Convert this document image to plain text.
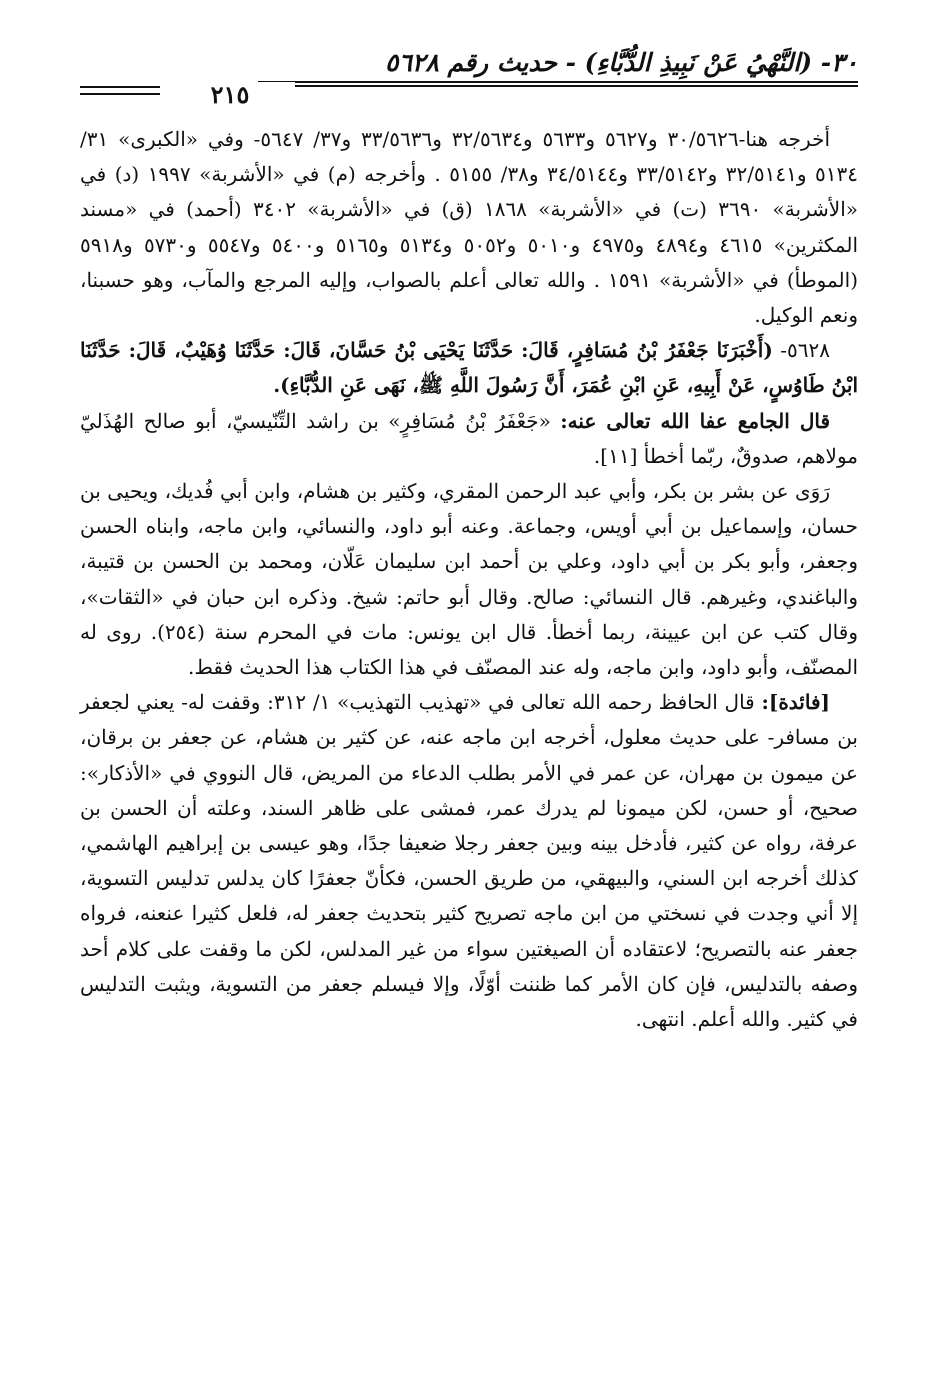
٣٠- (النَّهْيُ عَنْ نَبِيذِ الدُّبَّاءِ) - حديث رقم ٥٦٢٨
٢١٥

أخرجه هنا-٣٠/٥٦٢٦ و٥٦٢٧ و٥٦٣٣ و٣٢/٥٦٣٤ و٣٣/٥٦٣٦ و٣٧/ ٥٦٤٧- وفي «الكبرى» ٣١/ ٥١٣٤ و٣٢/٥١٤١ و٣٣/٥١٤٢ و٣٤/٥١٤٤ و٣٨/ ٥١٥٥ . وأخرجه (م) في «الأشربة» ١٩٩٧ (د) في «الأشربة» ٣٦٩٠ (ت) في «الأشربة» ١٨٦٨ (ق) في «الأشربة» ٣٤٠٢ (أحمد) في «مسند المكثرين» ٤٦١٥ و٤٨٩٤ و٤٩٧٥ و٥٠١٠ و٥٠٥٢ و٥١٣٤ و٥١٦٥ و٥٤٠٠ و٥٥٤٧ و٥٧٣٠ و٥٩١٨ (الموطأ) في «الأشربة» ١٥٩١ . والله تعالى أعلم بالصواب، وإليه المرجع والمآب، وهو حسبنا، ونعم الوكيل.

٥٦٢٨- (أَخْبَرَنَا جَعْفَرُ بْنُ مُسَافِرٍ، قَالَ: حَدَّثَنَا يَحْيَى بْنُ حَسَّانَ، قَالَ: حَدَّثَنَا وُهَيْبٌ، قَالَ: حَدَّثَنَا ابْنُ طَاوُسٍ، عَنْ أَبِيهِ، عَنِ ابْنِ عُمَرَ، أَنَّ رَسُولَ اللَّهِ ﷺ، نَهَى عَنِ الدُّبَّاءِ).

قال الجامع عفا الله تعالى عنه: «جَعْفَرُ بْنُ مُسَافِرٍ» بن راشد التِّنّيسيّ، أبو صالح الهُذَليّ مولاهم، صدوقٌ، ربّما أخطأ [١١].

رَوَى عن بشر بن بكر، وأبي عبد الرحمن المقري، وكثير بن هشام، وابن أبي فُديك، ويحيى بن حسان، وإسماعيل بن أبي أويس، وجماعة. وعنه أبو داود، والنسائي، وابن ماجه، وابناه الحسن وجعفر، وأبو بكر بن أبي داود، وعلي بن أحمد ابن سليمان عَلّان، ومحمد بن الحسن بن قتيبة، والباغندي، وغيرهم. قال النسائي: صالح. وقال أبو حاتم: شيخ. وذكره ابن حبان في «الثقات»، وقال كتب عن ابن عيينة، ربما أخطأ. قال ابن يونس: مات في المحرم سنة (٢٥٤). روى له المصنّف، وأبو داود، وابن ماجه، وله عند المصنّف في هذا الكتاب هذا الحديث فقط.

[فائدة]: قال الحافظ رحمه الله تعالى في «تهذيب التهذيب» ١/ ٣١٢: وقفت له- يعني لجعفر بن مسافر- على حديث معلول، أخرجه ابن ماجه عنه، عن كثير بن هشام، عن جعفر بن برقان، عن ميمون بن مهران، عن عمر في الأمر بطلب الدعاء من المريض، قال النووي في «الأذكار»: صحيح، أو حسن، لكن ميمونا لم يدرك عمر، فمشى على ظاهر السند، وعلته أن الحسن بن عرفة، رواه عن كثير، فأدخل بينه وبين جعفر رجلا ضعيفا جدًا، وهو عيسى بن إبراهيم الهاشمي، كذلك أخرجه ابن السني، والبيهقي، من طريق الحسن، فكأنّ جعفرًا كان يدلس تدليس التسوية، إلا أني وجدت في نسختي من ابن ماجه تصريح كثير بتحديث جعفر له، فلعل كثيرا عنعنه، فرواه جعفر عنه بالتصريح؛ لاعتقاده أن الصيغتين سواء من غير المدلس، لكن ما وقفت على كلام أحد وصفه بالتدليس، فإن كان الأمر كما ظننت أوّلًا، وإلا فيسلم جعفر من التسوية، ويثبت التدليس في كثير. والله أعلم. انتهى.
